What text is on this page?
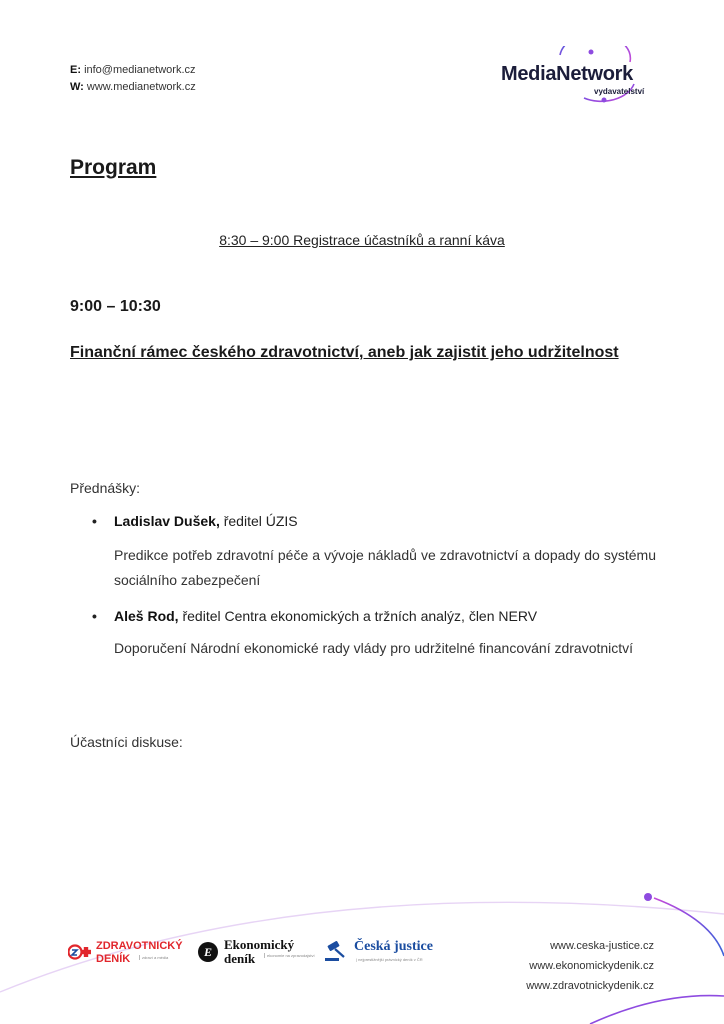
E: info@medianetwork.cz
W: www.medianetwork.cz
MediaNetwork
vydavatelství
Program
8:30 – 9:00 Registrace účastníků a ranní káva
9:00 – 10:30
Finanční rámec českého zdravotnictví, aneb jak zajistit jeho udržitelnost
Přednášky:
• Ladislav Dušek, ředitel ÚZIS
Predikce potřeb zdravotní péče a vývoje nákladů ve zdravotnictví a dopady do systému sociálního zabezpečení
• Aleš Rod, ředitel Centra ekonomických a tržních analýz, člen NERV
Doporučení Národní ekonomické rady vlády pro udržitelné financování zdravotnictví
Účastníci diskuse:
ZDRAVOTNICKÝ
DENÍK	zdraví a média	E Ekonomický
deník	ekonomie na zpravodajství
Česká justice
| nejprestižnější právnický deník v ČR
www.ceska-justice.cz
www.ekonomickydenik.cz
www.zdravotnickydenik.cz
